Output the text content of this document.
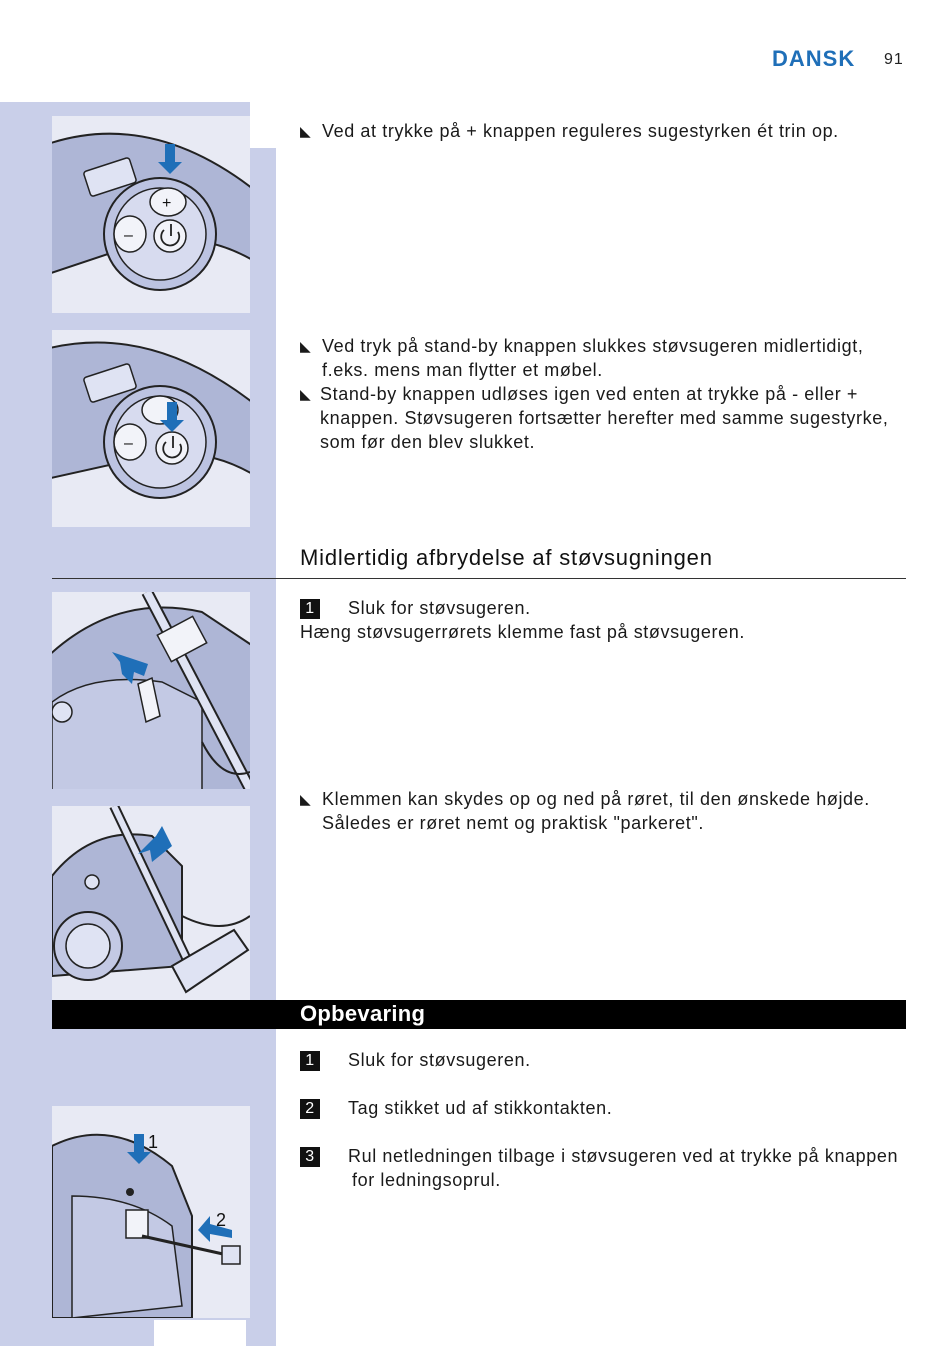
DANSK 91
+
–
–
1
2
◣ Ved at trykke på + knappen reguleres sugestyrken ét trin op.
◣ Ved tryk på stand-by knappen slukkes støvsugeren midlertidigt,
f.eks. mens man flytter et møbel.
◣ Stand-by knappen udløses igen ved enten at trykke på - eller +
knappen. Støvsugeren fortsætter herefter med samme sugestyrke,
som før den blev slukket.
Midlertidig afbrydelse af støvsugningen
1 Sluk for støvsugeren.
Hæng støvsugerrørets klemme fast på støvsugeren.
◣ Klemmen kan skydes op og ned på røret, til den ønskede højde.
Således er røret nemt og praktisk "parkeret".
Opbevaring
1 Sluk for støvsugeren.
2 Tag stikket ud af stikkontakten.
3 Rul netledningen tilbage i støvsugeren ved at trykke på knappen
for ledningsoprul.
